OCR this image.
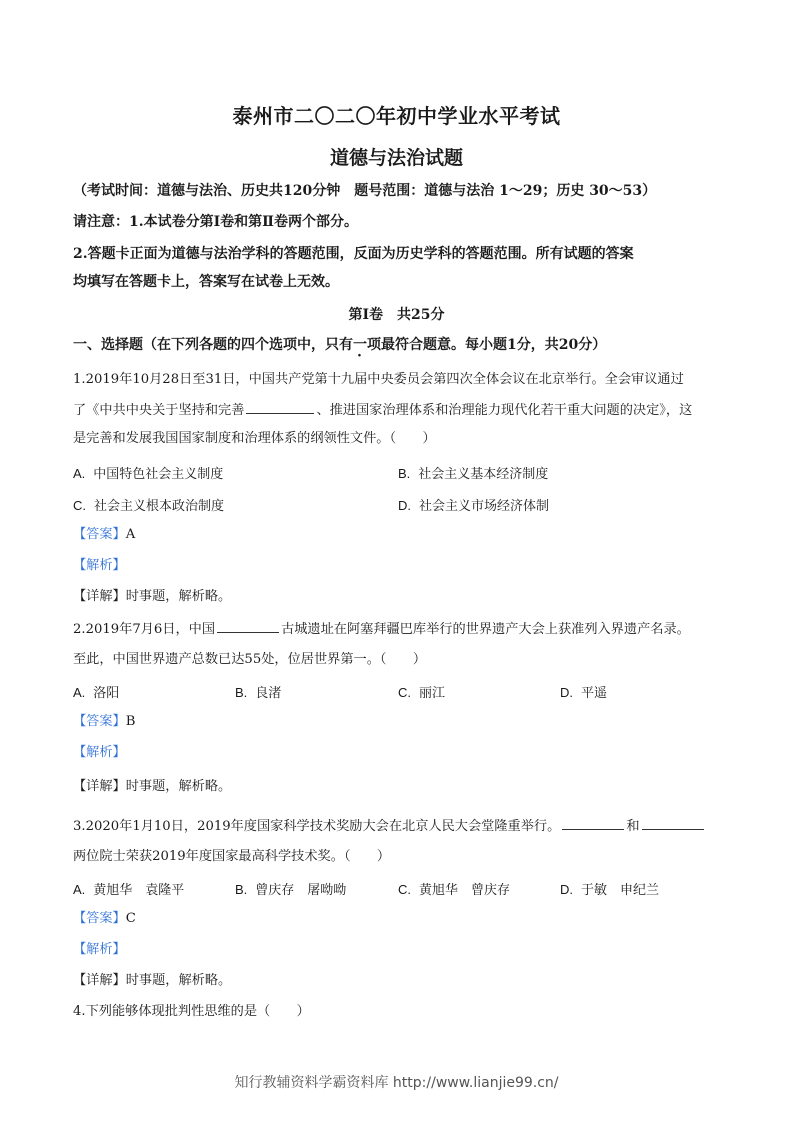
泰州市二〇二〇年初中学业水平考试
道德与法治试题
（考试时间：道德与法治、历史共120分钟　题号范围：道德与法治 1～29；历史 30～53）
请注意：1.本试卷分第Ⅰ卷和第Ⅱ卷两个部分。
2.答题卡正面为道德与法治学科的答题范围，反面为历史学科的答题范围。所有试题的答案
均填写在答题卡上，答案写在试卷上无效。
第Ⅰ卷　共25分
一、选择题（在下列各题的四个选项中，只有一项最符合题意。每小题1分，共20分）
1.2019年10月28日至31日，中国共产党第十九届中央委员会第四次全体会议在北京举行。全会审议通过
了《中共中央关于坚持和完善	、推进国家治理体系和治理能力现代化若干重大问题的决定》，这
是完善和发展我国国家制度和治理体系的纲领性文件。（　　）
A. 中国特色社会主义制度	B. 社会主义基本经济制度
C. 社会主义根本政治制度	D. 社会主义市场经济体制
【答案】A
【解析】
【详解】时事题，解析略。
2.2019年7月6日，中国	古城遗址在阿塞拜疆巴库举行的世界遗产大会上获准列入界遗产名录。
至此，中国世界遗产总数已达55处，位居世界第一。（　　）
A. 洛阳	B. 良渚	C. 丽江	D. 平遥
【答案】B
【解析】
【详解】时事题，解析略。
3.2020年1月10日，2019年度国家科学技术奖励大会在北京人民大会堂隆重举行。	和
两位院士荣获2019年度国家最高科学技术奖。（　　）
A. 黄旭华　袁隆平	B. 曾庆存　屠呦呦	C. 黄旭华　曾庆存	D. 于敏　申纪兰
【答案】C
【解析】
【详解】时事题，解析略。
4.下列能够体现批判性思维的是（　　）
知行教辅资料学霸资料库 http://www.lianjie99.cn/
